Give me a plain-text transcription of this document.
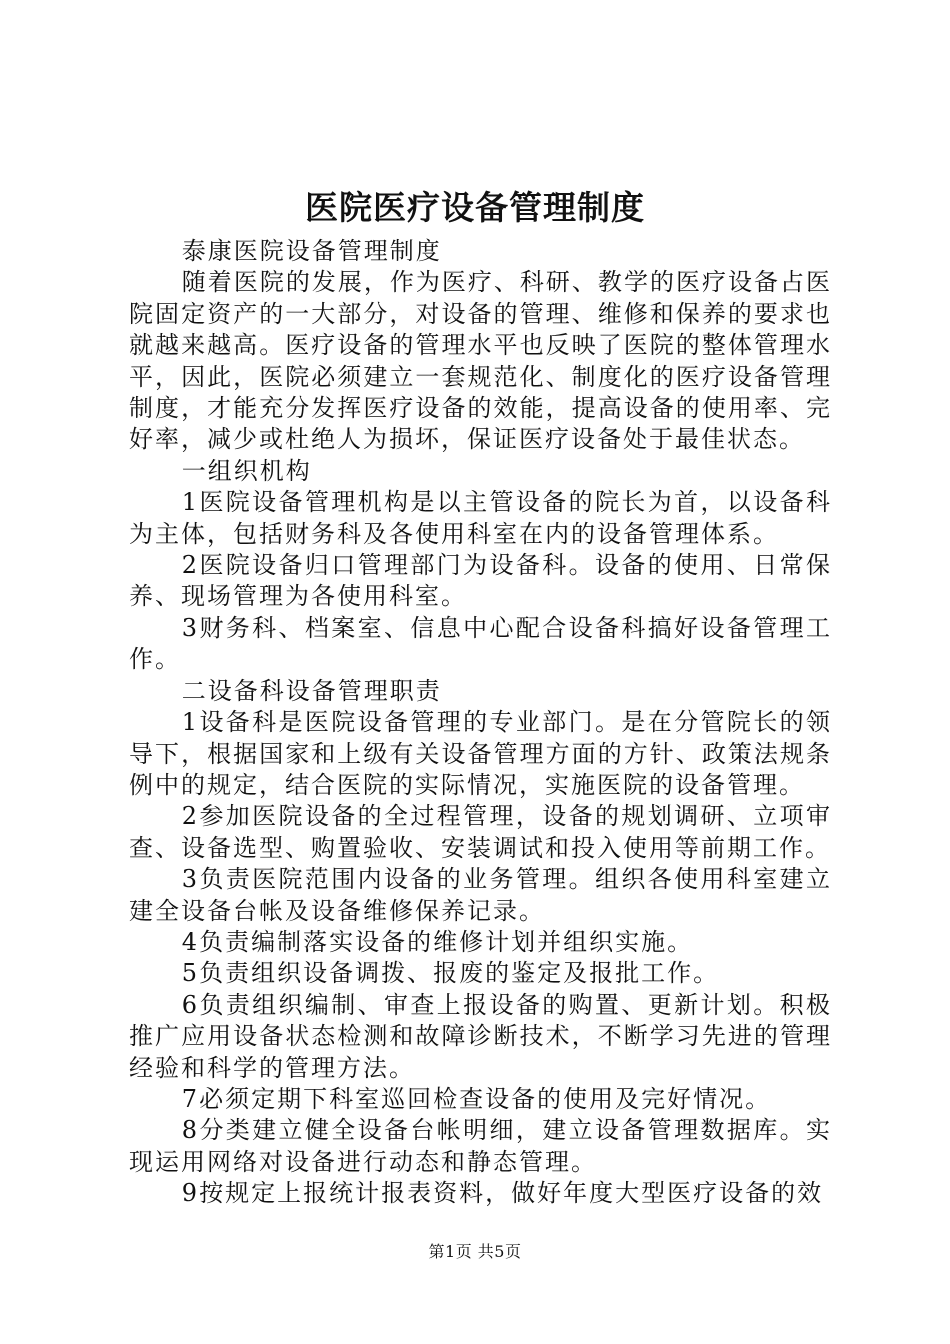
医院医疗设备管理制度

泰康医院设备管理制度

随着医院的发展，作为医疗、科研、教学的医疗设备占医院固定资产的一大部分，对设备的管理、维修和保养的要求也就越来越高。医疗设备的管理水平也反映了医院的整体管理水平，因此，医院必须建立一套规范化、制度化的医疗设备管理制度，才能充分发挥医疗设备的效能，提高设备的使用率、完好率，减少或杜绝人为损坏，保证医疗设备处于最佳状态。

一组织机构

1医院设备管理机构是以主管设备的院长为首，以设备科为主体，包括财务科及各使用科室在内的设备管理体系。

2医院设备归口管理部门为设备科。设备的使用、日常保养、现场管理为各使用科室。

3财务科、档案室、信息中心配合设备科搞好设备管理工作。

二设备科设备管理职责

1设备科是医院设备管理的专业部门。是在分管院长的领导下，根据国家和上级有关设备管理方面的方针、政策法规条例中的规定，结合医院的实际情况，实施医院的设备管理。

2参加医院设备的全过程管理，设备的规划调研、立项审查、设备选型、购置验收、安装调试和投入使用等前期工作。

3负责医院范围内设备的业务管理。组织各使用科室建立建全设备台帐及设备维修保养记录。

4负责编制落实设备的维修计划并组织实施。

5负责组织设备调拨、报废的鉴定及报批工作。

6负责组织编制、审查上报设备的购置、更新计划。积极推广应用设备状态检测和故障诊断技术，不断学习先进的管理经验和科学的管理方法。

7必须定期下科室巡回检查设备的使用及完好情况。

8分类建立健全设备台帐明细，建立设备管理数据库。实现运用网络对设备进行动态和静态管理。

9按规定上报统计报表资料，做好年度大型医疗设备的效

第1页 共5页
